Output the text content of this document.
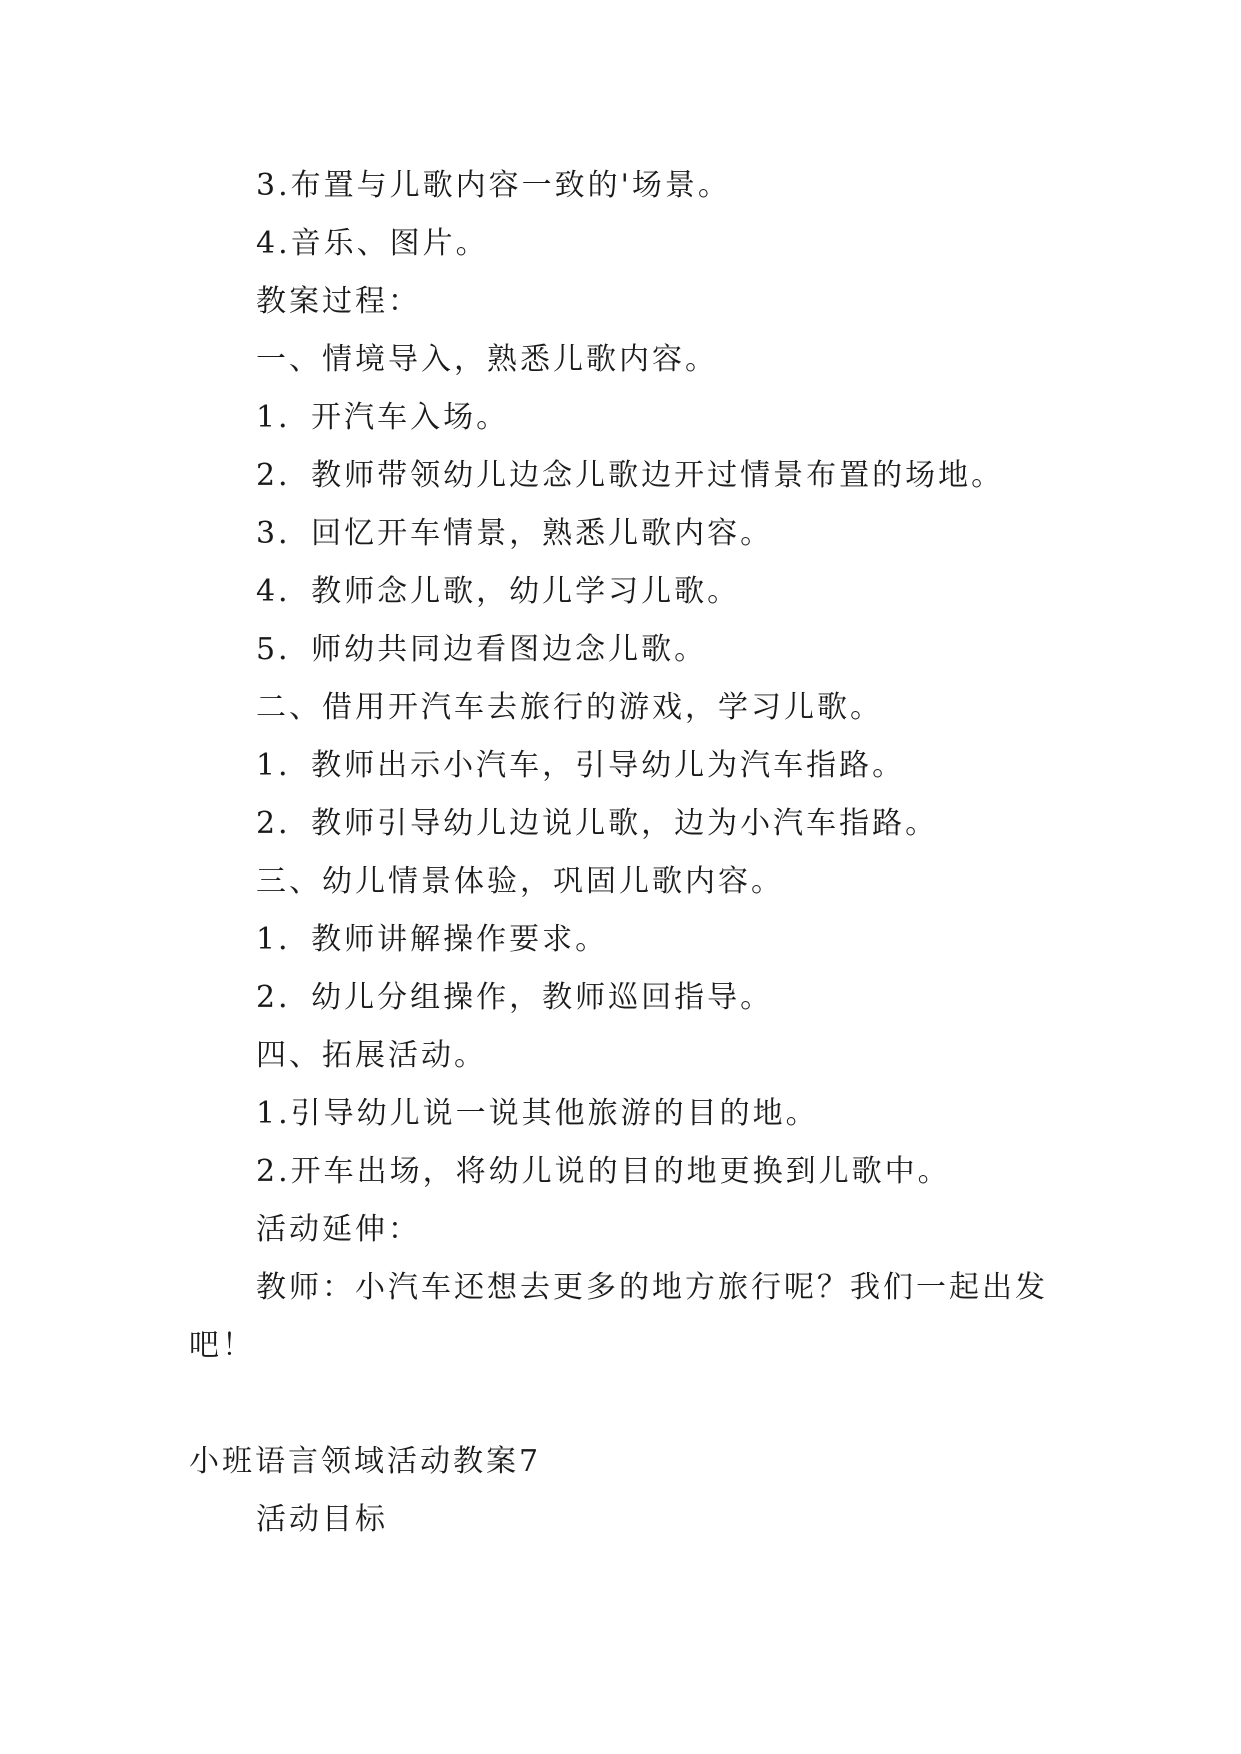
3.布置与儿歌内容一致的'场景。
4.音乐、图片。
教案过程：
一、情境导入，熟悉儿歌内容。
1．开汽车入场。
2．教师带领幼儿边念儿歌边开过情景布置的场地。
3．回忆开车情景，熟悉儿歌内容。
4．教师念儿歌，幼儿学习儿歌。
5．师幼共同边看图边念儿歌。
二、借用开汽车去旅行的游戏，学习儿歌。
1．教师出示小汽车，引导幼儿为汽车指路。
2．教师引导幼儿边说儿歌，边为小汽车指路。
三、幼儿情景体验，巩固儿歌内容。
1．教师讲解操作要求。
2．幼儿分组操作，教师巡回指导。
四、拓展活动。
1.引导幼儿说一说其他旅游的目的地。
2.开车出场，将幼儿说的目的地更换到儿歌中。
活动延伸：
教师：小汽车还想去更多的地方旅行呢？我们一起出发
吧！
小班语言领域活动教案7
活动目标
